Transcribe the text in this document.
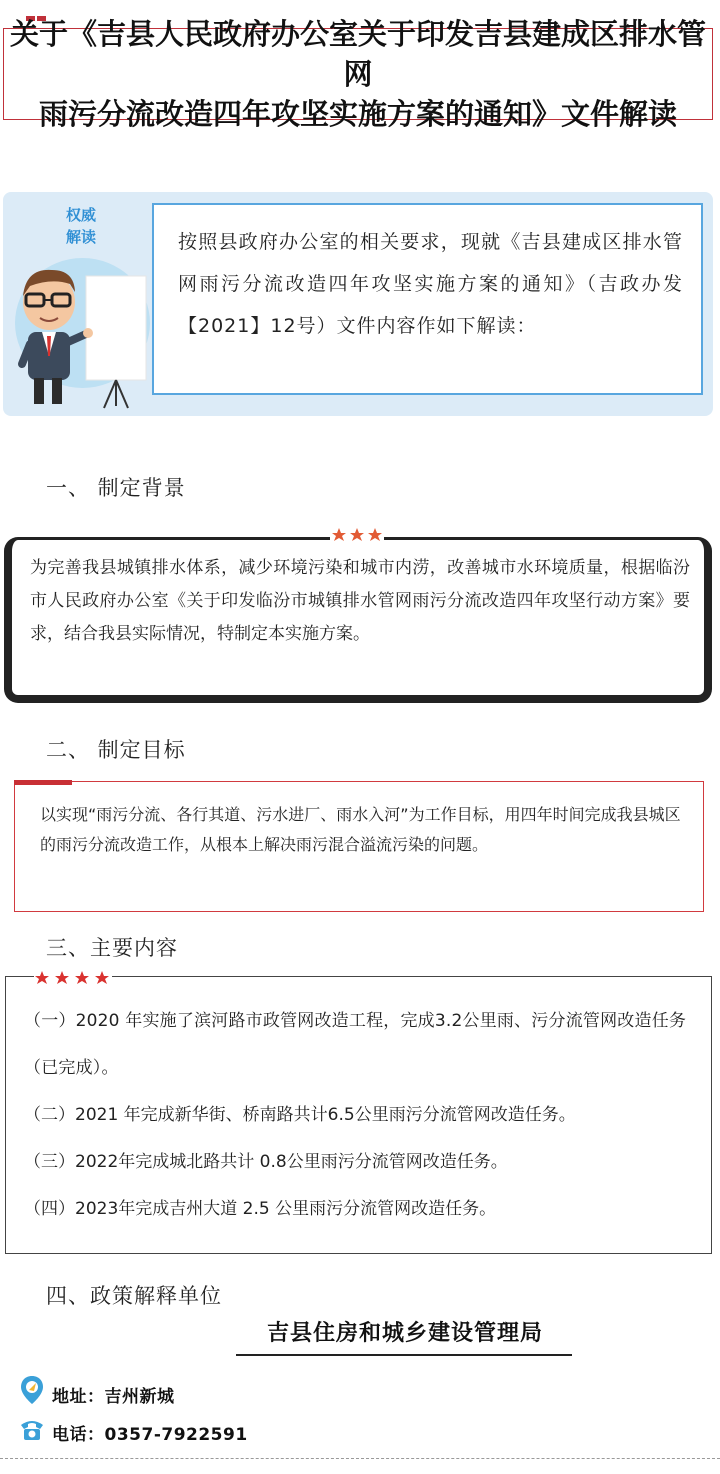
关于《吉县人民政府办公室关于印发吉县建成区排水管网
雨污分流改造四年攻坚实施方案的通知》文件解读
权威
解读	按照县政府办公室的相关要求，现就《吉县建成区排水管网雨污分流改造四年攻坚实施方案的通知》（吉政办发【2021】12号）文件内容作如下解读：
一、 制定背景
为完善我县城镇排水体系，减少环境污染和城市内涝，改善城市水环境质量，根据临汾市人民政府办公室《关于印发临汾市城镇排水管网雨污分流改造四年攻坚行动方案》要求，结合我县实际情况，特制定本实施方案。
二、 制定目标
以实现“雨污分流、各行其道、污水进厂、雨水入河”为工作目标，用四年时间完成我县城区的雨污分流改造工作，从根本上解决雨污混合溢流污染的问题。
三、主要内容
（一）2020 年实施了滨河路市政管网改造工程，完成3.2公里雨、污分流管网改造任务（已完成）。
（二）2021 年完成新华街、桥南路共计6.5公里雨污分流管网改造任务。
（三）2022年完成城北路共计 0.8公里雨污分流管网改造任务。
（四）2023年完成吉州大道 2.5 公里雨污分流管网改造任务。
四、政策解释单位
吉县住房和城乡建设管理局
地址：吉州新城
电话：0357-7922591
